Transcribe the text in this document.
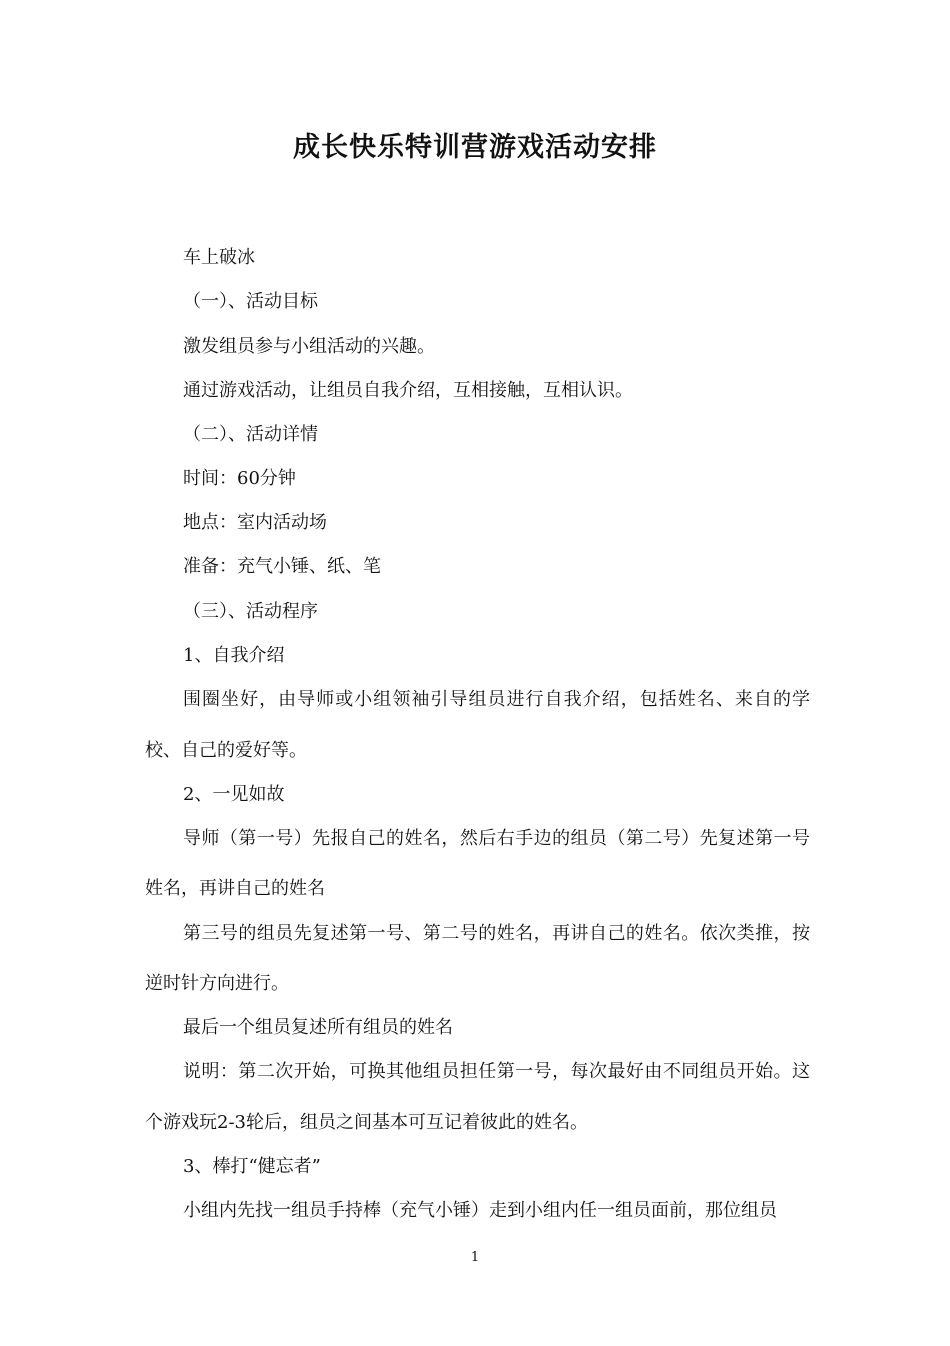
成长快乐特训营游戏活动安排

车上破冰

（一）、活动目标

激发组员参与小组活动的兴趣。

通过游戏活动，让组员自我介绍，互相接触，互相认识。

（二）、活动详情

时间：60分钟

地点：室内活动场

准备：充气小锤、纸、笔

（三）、活动程序

1、自我介绍

围圈坐好，由导师或小组领袖引导组员进行自我介绍，包括姓名、来自的学

校、自己的爱好等。

2、一见如故

导师（第一号）先报自己的姓名，然后右手边的组员（第二号）先复述第一号

姓名，再讲自己的姓名

第三号的组员先复述第一号、第二号的姓名，再讲自己的姓名。依次类推，按

逆时针方向进行。

最后一个组员复述所有组员的姓名

说明：第二次开始，可换其他组员担任第一号，每次最好由不同组员开始。这

个游戏玩2-3轮后，组员之间基本可互记着彼此的姓名。

3、棒打“健忘者”

小组内先找一组员手持棒（充气小锤）走到小组内任一组员面前，那位组员

1
